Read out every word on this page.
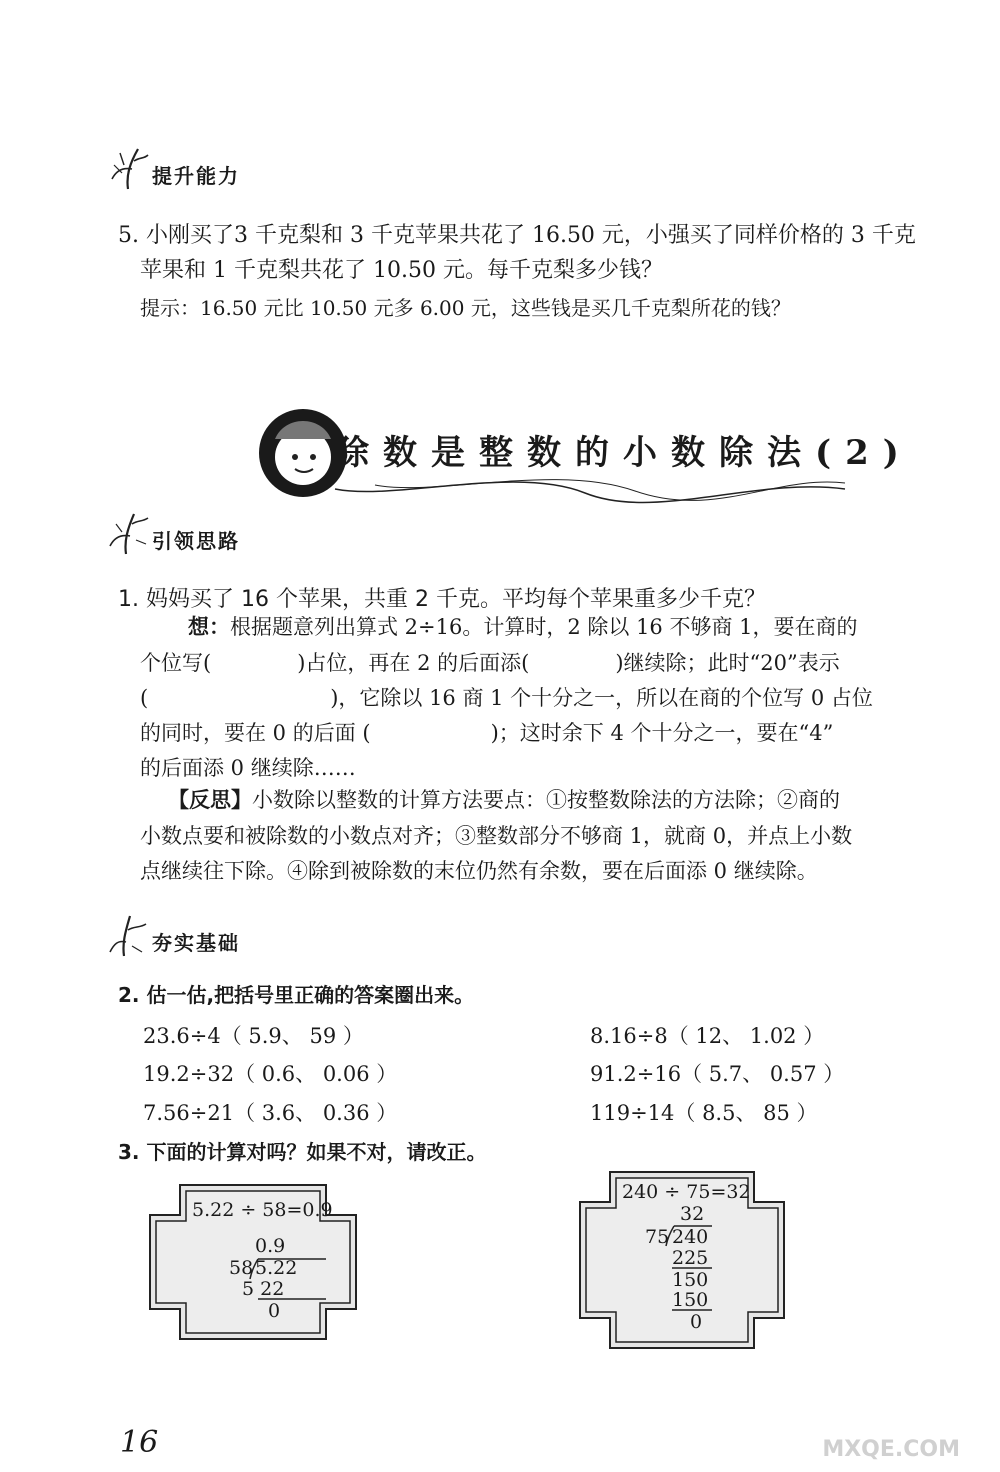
提升能力
5. 小刚买了3 千克梨和 3 千克苹果共花了 16.50 元，小强买了同样价格的 3 千克
苹果和 1 千克梨共花了 10.50 元。每千克梨多少钱？
提示：16.50 元比 10.50 元多 6.00 元，这些钱是买几千克梨所花的钱？
除数是整数的小数除法(2)
引领思路
1. 妈妈买了 16 个苹果，共重 2 千克。平均每个苹果重多少千克？
想：根据题意列出算式 2÷16。计算时，2 除以 16 不够商 1，要在商的
个位写(	)占位，再在 2 的后面添(	)继续除；此时“20”表示
(	)，它除以 16 商 1 个十分之一，所以在商的个位写 0 占位
的同时，要在 0 的后面 (	)；这时余下 4 个十分之一，要在“4”
的后面添 0 继续除……
【反思】小数除以整数的计算方法要点：①按整数除法的方法除；②商的
小数点要和被除数的小数点对齐；③整数部分不够商 1，就商 0，并点上小数
点继续往下除。④除到被除数的末位仍然有余数，要在后面添 0 继续除。
夯实基础
2. 估一估,把括号里正确的答案圈出来。
23.6÷4（ 5.9、 59 ）	8.16÷8（ 12、 1.02 ）
19.2÷32（ 0.6、 0.06 ）	91.2÷16（ 5.7、 0.57 ）
7.56÷21（ 3.6、 0.36 ）	119÷14（ 8.5、 85 ）
3. 下面的计算对吗？如果不对，请改正。
5.22 ÷ 58=0.9
0.9
58 5.22
5 22
0
240 ÷ 75=32
32
75 240
225
150
150
0
16	MXQE.COM
